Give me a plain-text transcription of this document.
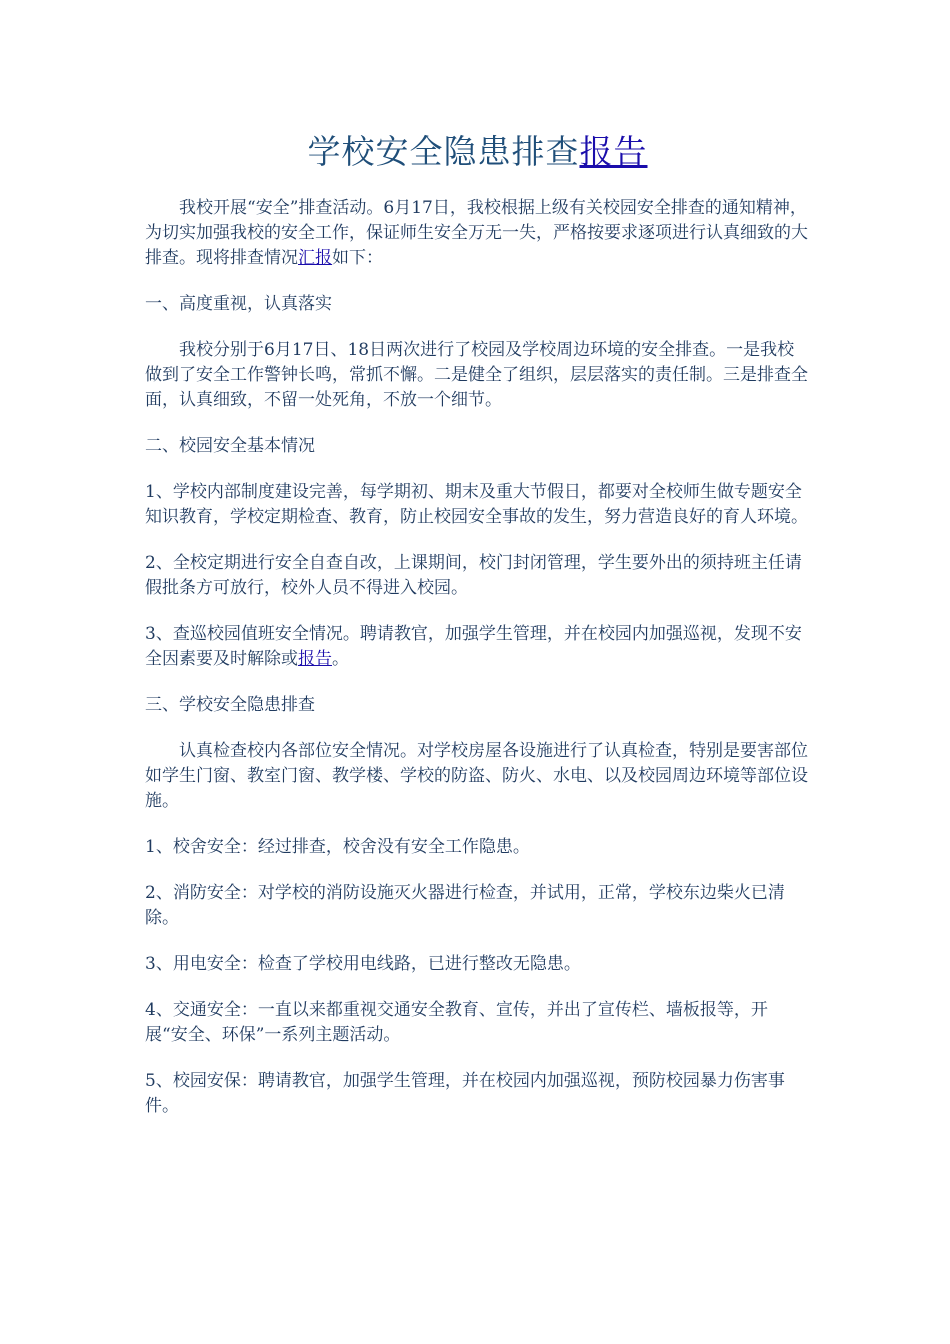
学校安全隐患排查报告

我校开展“安全”排查活动。6月17日，我校根据上级有关校园安全排查的通知精神，为切实加强我校的安全工作，保证师生安全万无一失，严格按要求逐项进行认真细致的大排查。现将排查情况汇报如下：

一、高度重视，认真落实

我校分别于6月17日、18日两次进行了校园及学校周边环境的安全排查。一是我校做到了安全工作警钟长鸣，常抓不懈。二是健全了组织，层层落实的责任制。三是排查全面，认真细致，不留一处死角，不放一个细节。

二、校园安全基本情况

1、学校内部制度建设完善，每学期初、期末及重大节假日，都要对全校师生做专题安全知识教育，学校定期检查、教育，防止校园安全事故的发生，努力营造良好的育人环境。

2、全校定期进行安全自查自改，上课期间，校门封闭管理，学生要外出的须持班主任请假批条方可放行，校外人员不得进入校园。

3、查巡校园值班安全情况。聘请教官，加强学生管理，并在校园内加强巡视，发现不安全因素要及时解除或报告。

三、学校安全隐患排查

认真检查校内各部位安全情况。对学校房屋各设施进行了认真检查，特别是要害部位如学生门窗、教室门窗、教学楼、学校的防盗、防火、水电、以及校园周边环境等部位设施。

1、校舍安全：经过排查，校舍没有安全工作隐患。

2、消防安全：对学校的消防设施灭火器进行检查，并试用，正常，学校东边柴火已清除。

3、用电安全：检查了学校用电线路，已进行整改无隐患。

4、交通安全：一直以来都重视交通安全教育、宣传，并出了宣传栏、墙板报等，开展“安全、环保”一系列主题活动。

5、校园安保：聘请教官，加强学生管理，并在校园内加强巡视，预防校园暴力伤害事件。
